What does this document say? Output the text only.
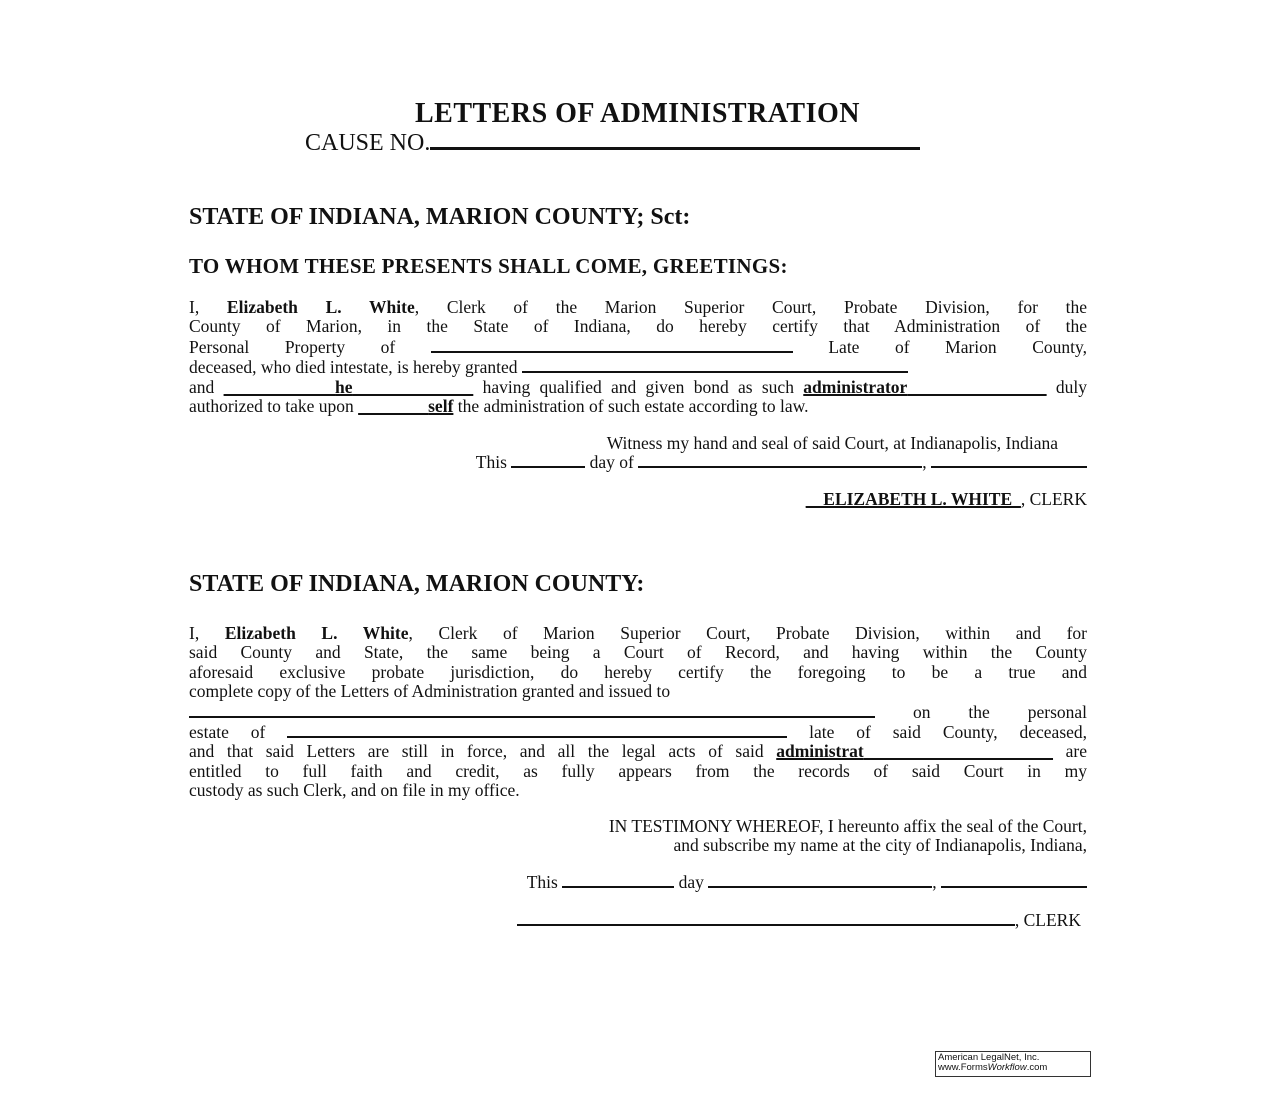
LETTERS OF ADMINISTRATION
CAUSE NO.
STATE OF INDIANA, MARION COUNTY; Sct:
TO WHOM THESE PRESENTS SHALL COME, GREETINGS:
I, Elizabeth L. White, Clerk of the Marion Superior Court, Probate Division, for the
County of Marion, in the State of Indiana, do hereby certify that Administration of the
Personal Property of	Late of Marion County,
deceased, who died intestate, is hereby granted
and	he	having qualified and given bond as such administrator	duly
authorized to take upon	self the administration of such estate according to law.
Witness my hand and seal of said Court, at Indianapolis, Indiana
This	day of	,
__ELIZABETH L. WHITE_, CLERK
STATE OF INDIANA, MARION COUNTY:
I, Elizabeth L. White, Clerk of Marion Superior Court, Probate Division, within and for
said County and State, the same being a Court of Record, and having within the County
aforesaid exclusive probate jurisdiction, do hereby certify the foregoing to be a true and
complete copy of the Letters of Administration granted and issued to
on the personal
estate of	late of said County, deceased,
and that said Letters are still in force, and all the legal acts of said administrat	are
entitled to full faith and credit, as fully appears from the records of said Court in my
custody as such Clerk, and on file in my office.
IN TESTIMONY WHEREOF, I hereunto affix the seal of the Court,
and subscribe my name at the city of Indianapolis, Indiana,
This	day	,
, CLERK
American LegalNet, Inc.
www.FormsWorkflow.com
